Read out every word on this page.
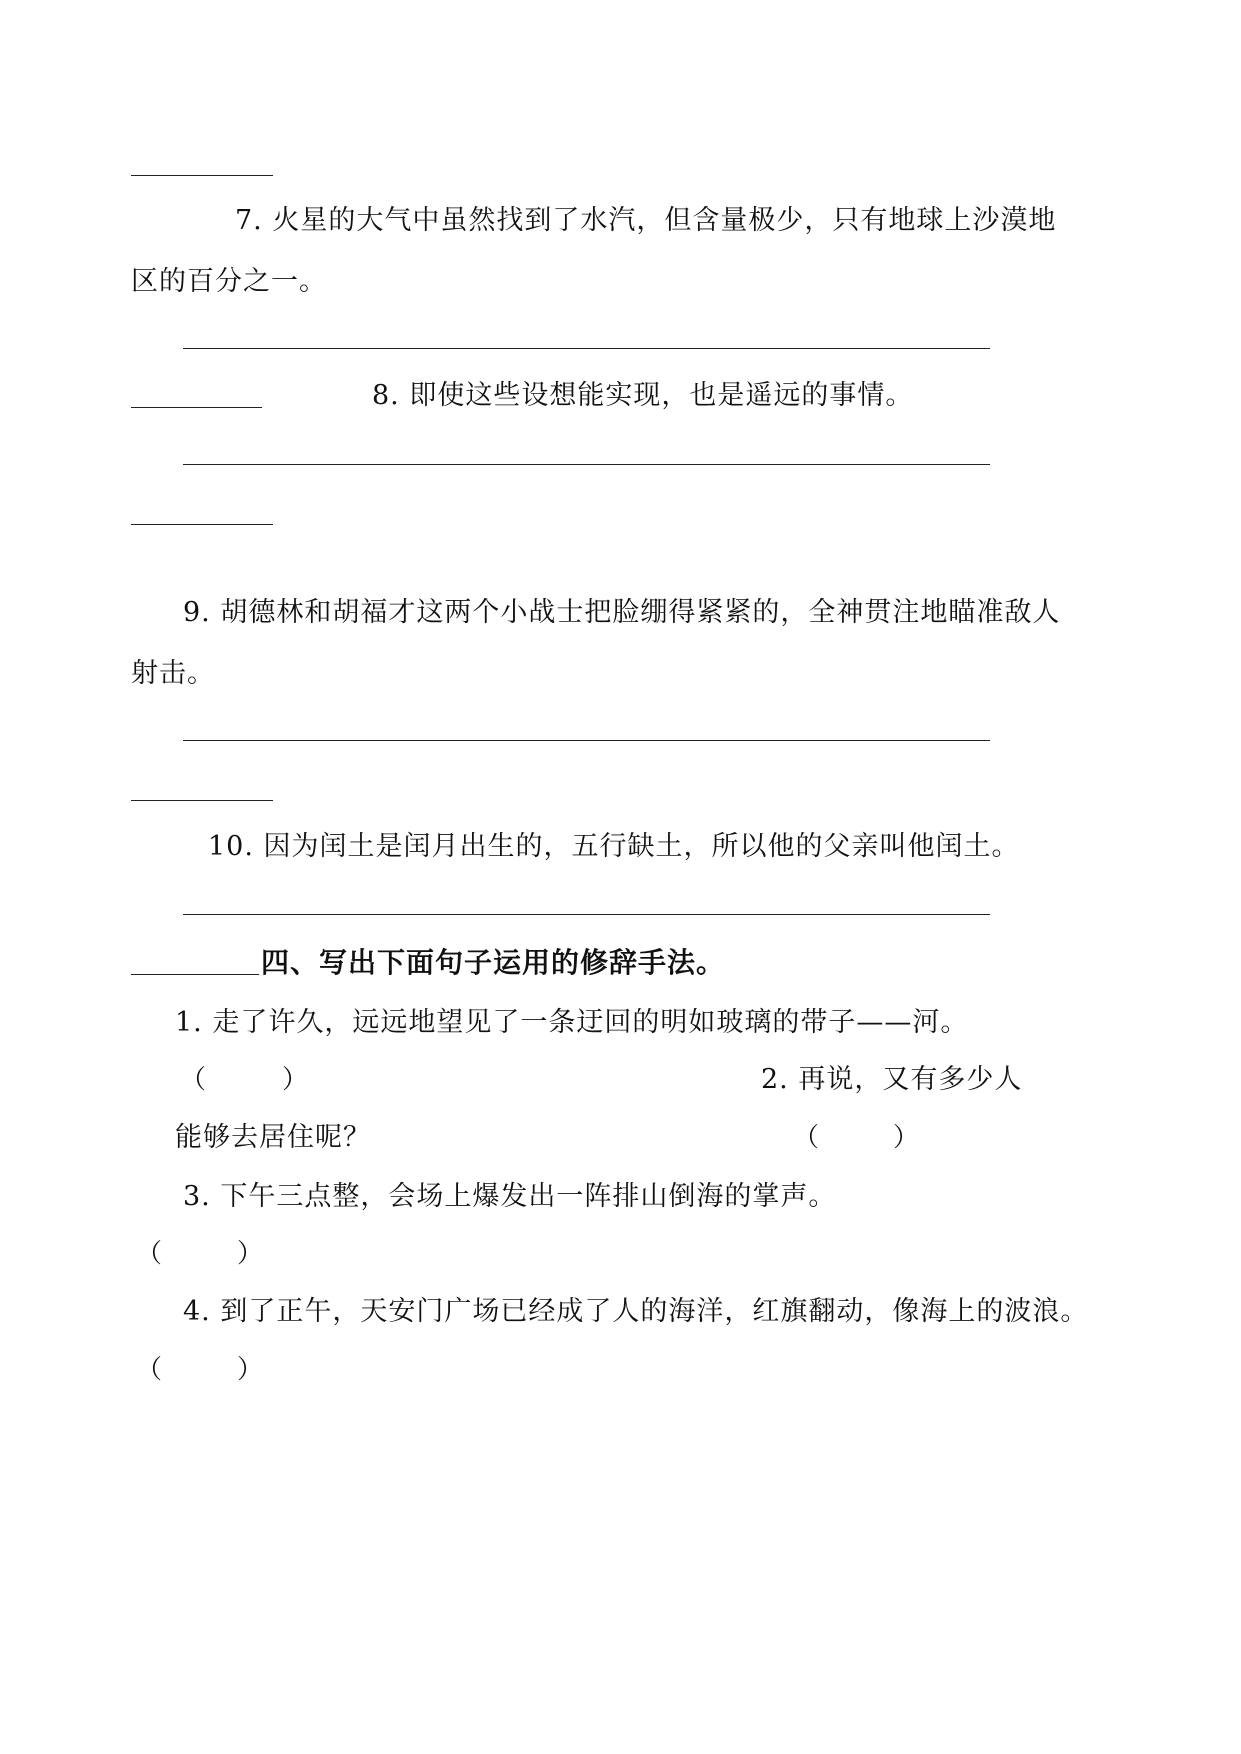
7. 火星的大气中虽然找到了水汽，但含量极少，只有地球上沙漠地
区的百分之一。
8. 即使这些设想能实现，也是遥远的事情。
9. 胡德林和胡福才这两个小战士把脸绷得紧紧的，全神贯注地瞄准敌人
射击。
10. 因为闰土是闰月出生的，五行缺土，所以他的父亲叫他闰土。
四、写出下面句子运用的修辞手法。
1. 走了许久，远远地望见了一条迂回的明如玻璃的带子——河。
（	）	2. 再说，又有多少人
能够去居住呢？	（	）
3. 下午三点整，会场上爆发出一阵排山倒海的掌声。
（	）
4. 到了正午，天安门广场已经成了人的海洋，红旗翻动，像海上的波浪。
（	）
